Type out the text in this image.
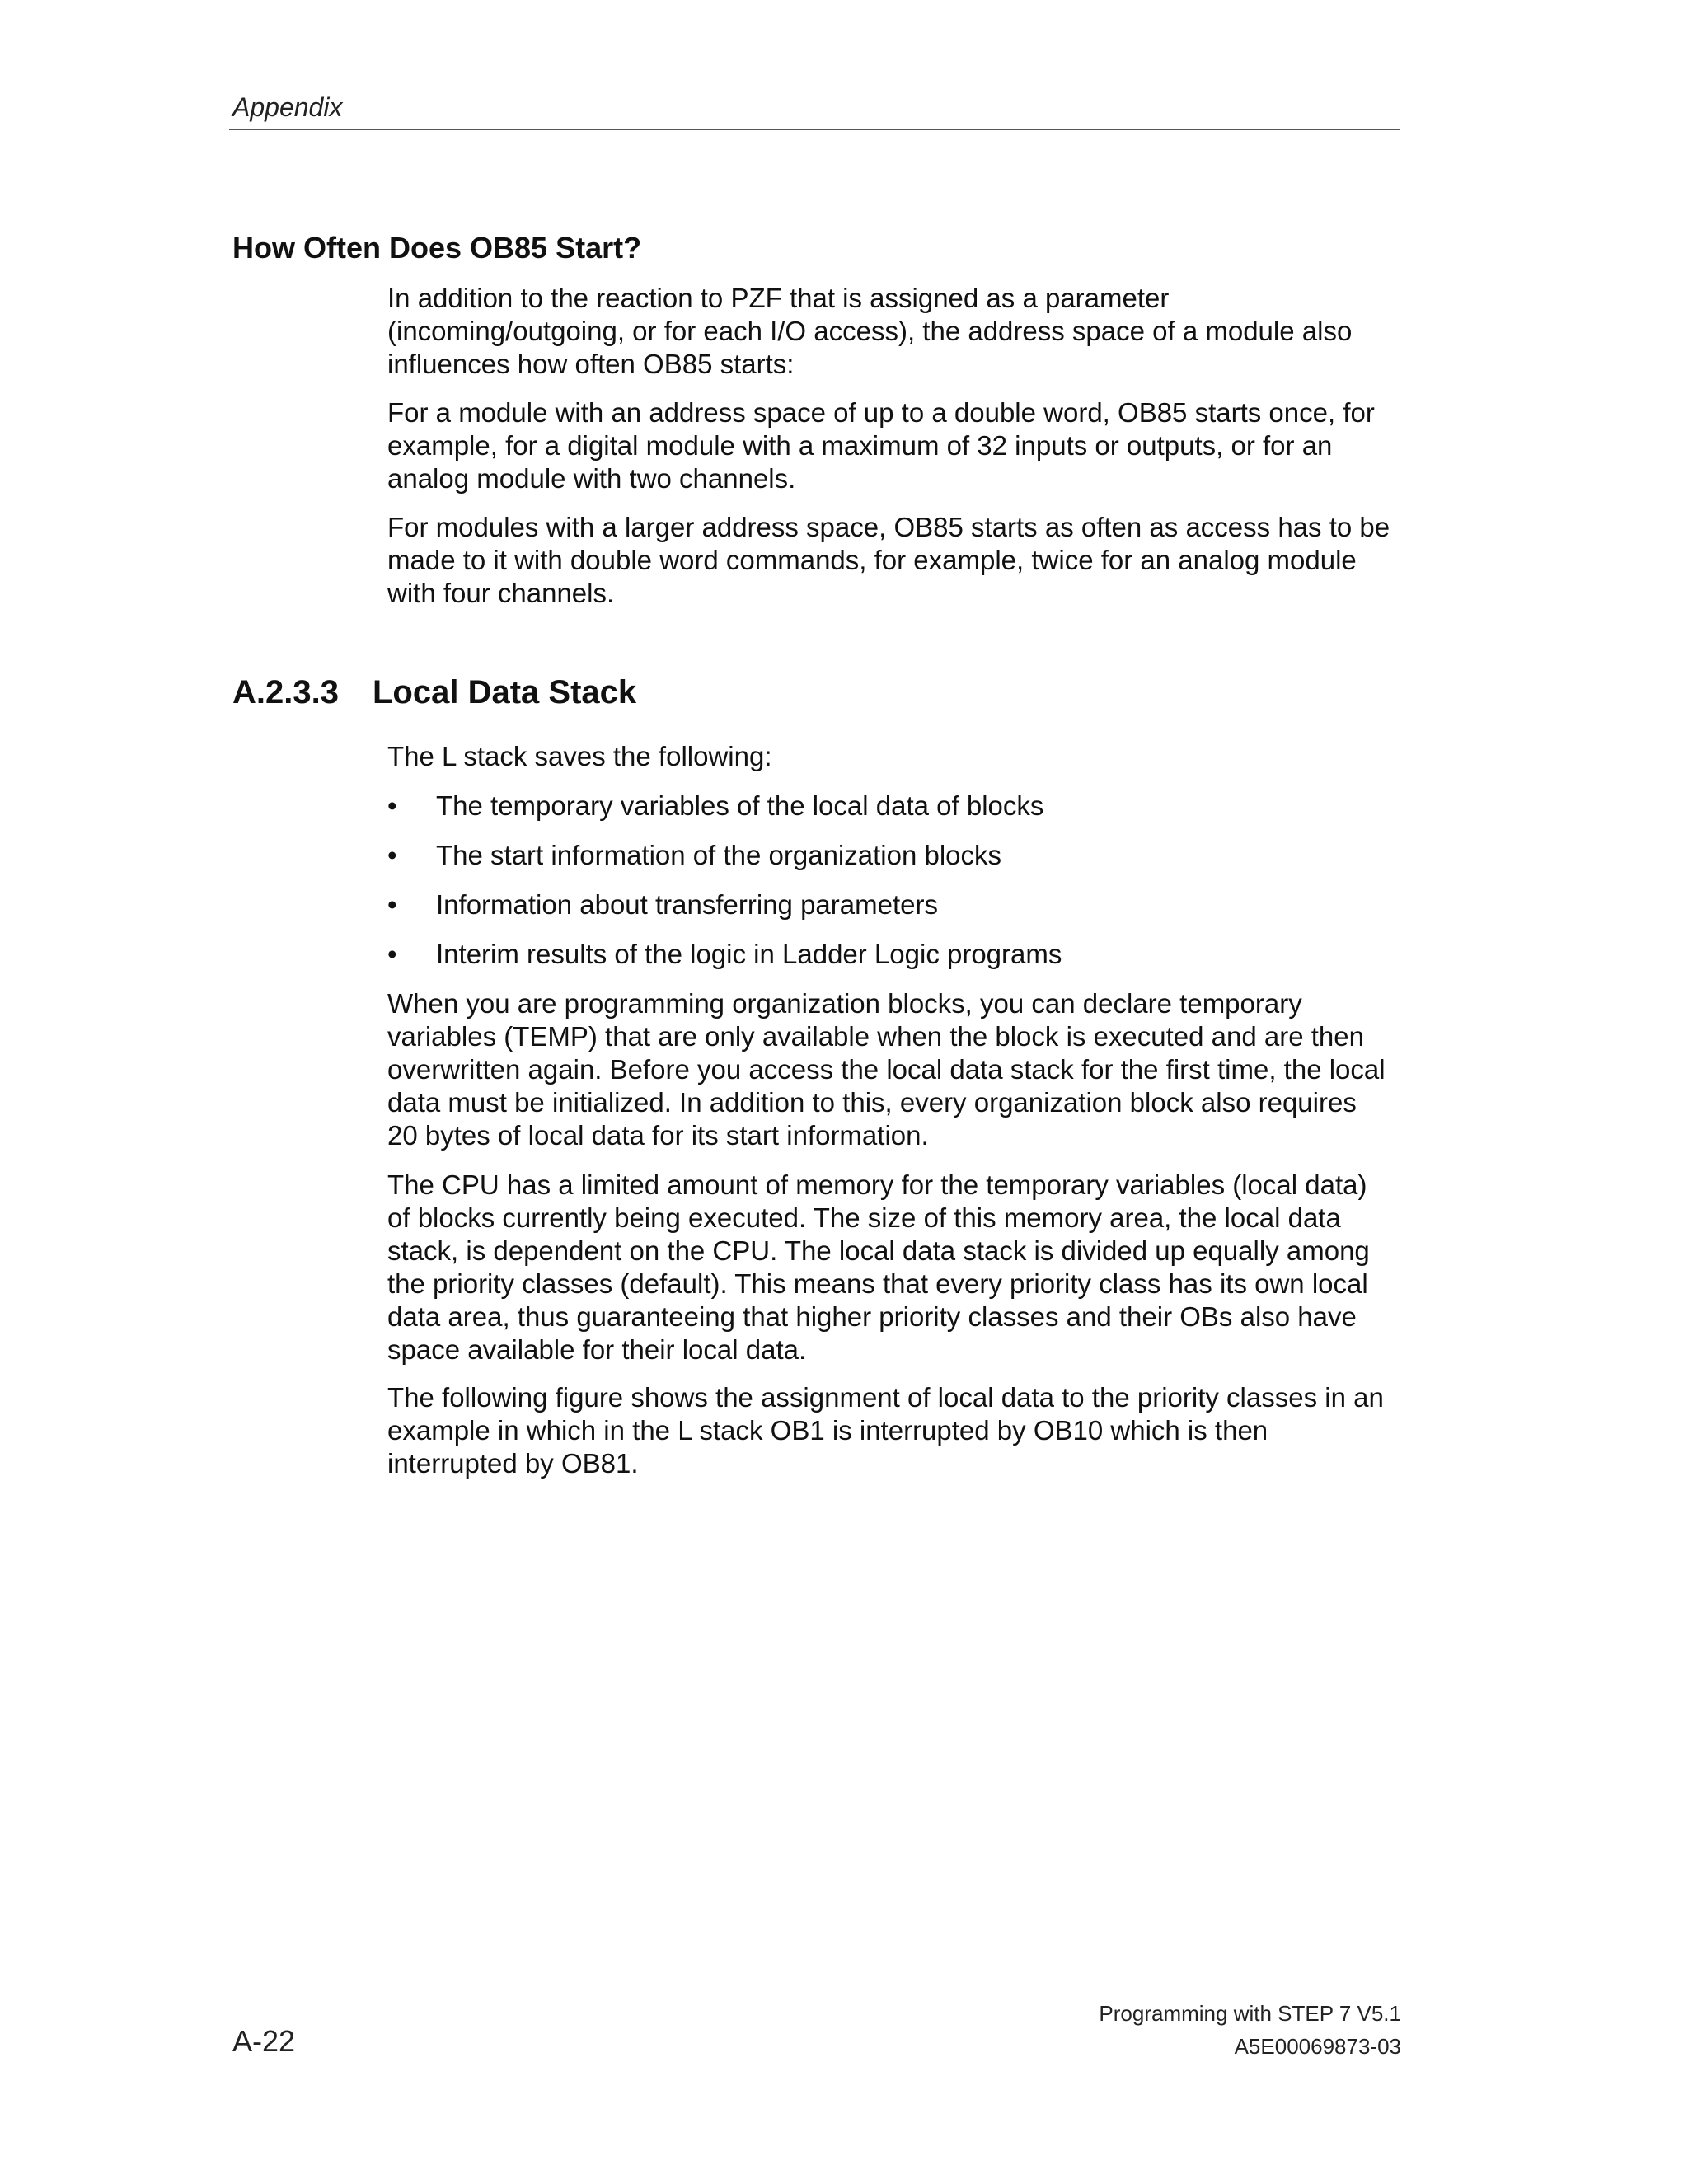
Appendix
How Often Does OB85 Start?

In addition to the reaction to PZF that is assigned as a parameter
(incoming/outgoing, or for each I/O access), the address space of a module also
influences how often OB85 starts:

For a module with an address space of up to a double word, OB85 starts once, for
example, for a digital module with a maximum of 32 inputs or outputs, or for an
analog module with two channels.

For modules with a larger address space, OB85 starts as often as access has to be
made to it with double word commands, for example, twice for an analog module
with four channels.

A.2.3.3 Local Data Stack

The L stack saves the following:

•	The temporary variables of the local data of blocks
•	The start information of the organization blocks
•	Information about transferring parameters
•	Interim results of the logic in Ladder Logic programs

When you are programming organization blocks, you can declare temporary
variables (TEMP) that are only available when the block is executed and are then
overwritten again. Before you access the local data stack for the first time, the local
data must be initialized. In addition to this, every organization block also requires
20 bytes of local data for its start information.

The CPU has a limited amount of memory for the temporary variables (local data)
of blocks currently being executed. The size of this memory area, the local data
stack, is dependent on the CPU. The local data stack is divided up equally among
the priority classes (default). This means that every priority class has its own local
data area, thus guaranteeing that higher priority classes and their OBs also have
space available for their local data.

The following figure shows the assignment of local data to the priority classes in an
example in which in the L stack OB1 is interrupted by OB10 which is then
interrupted by OB81.

Programming with STEP 7 V5.1
A-22	A5E00069873-03
